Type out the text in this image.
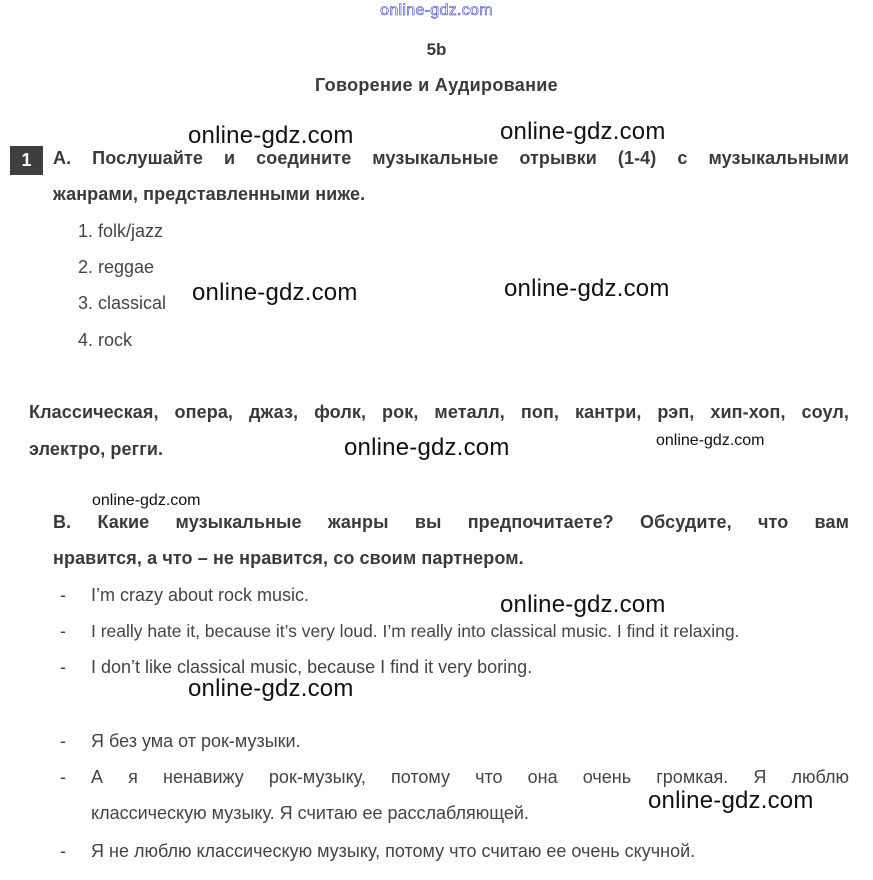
online-gdz.com
5b
Говорение и Аудирование
1	A. Послушайте и соедините музыкальные отрывки (1-4) с музыкальными
жанрами, представленными ниже.
1. folk/jazz
2. reggae
3. classical
4. rock
Классическая, опера, джаз, фолк, рок, металл, поп, кантри, рэп, хип-хоп, соул,
электро, регги.
B. Какие музыкальные жанры вы предпочитаете? Обсудите, что вам
нравится, а что – не нравится, со своим партнером.
- I’m crazy about rock music.
- I really hate it, because it’s very loud. I’m really into classical music. I find it relaxing.
- I don’t like classical music, because I find it very boring.
- Я без ума от рок-музыки.
- А я ненавижу рок-музыку, потому что она очень громкая. Я люблю
классическую музыку. Я считаю ее расслабляющей.
- Я не люблю классическую музыку, потому что считаю ее очень скучной.
online-gdz.com	online-gdz.com
online-gdz.com	online-gdz.com
online-gdz.com	online-gdz.com
online-gdz.com
online-gdz.com
online-gdz.com
online-gdz.com
